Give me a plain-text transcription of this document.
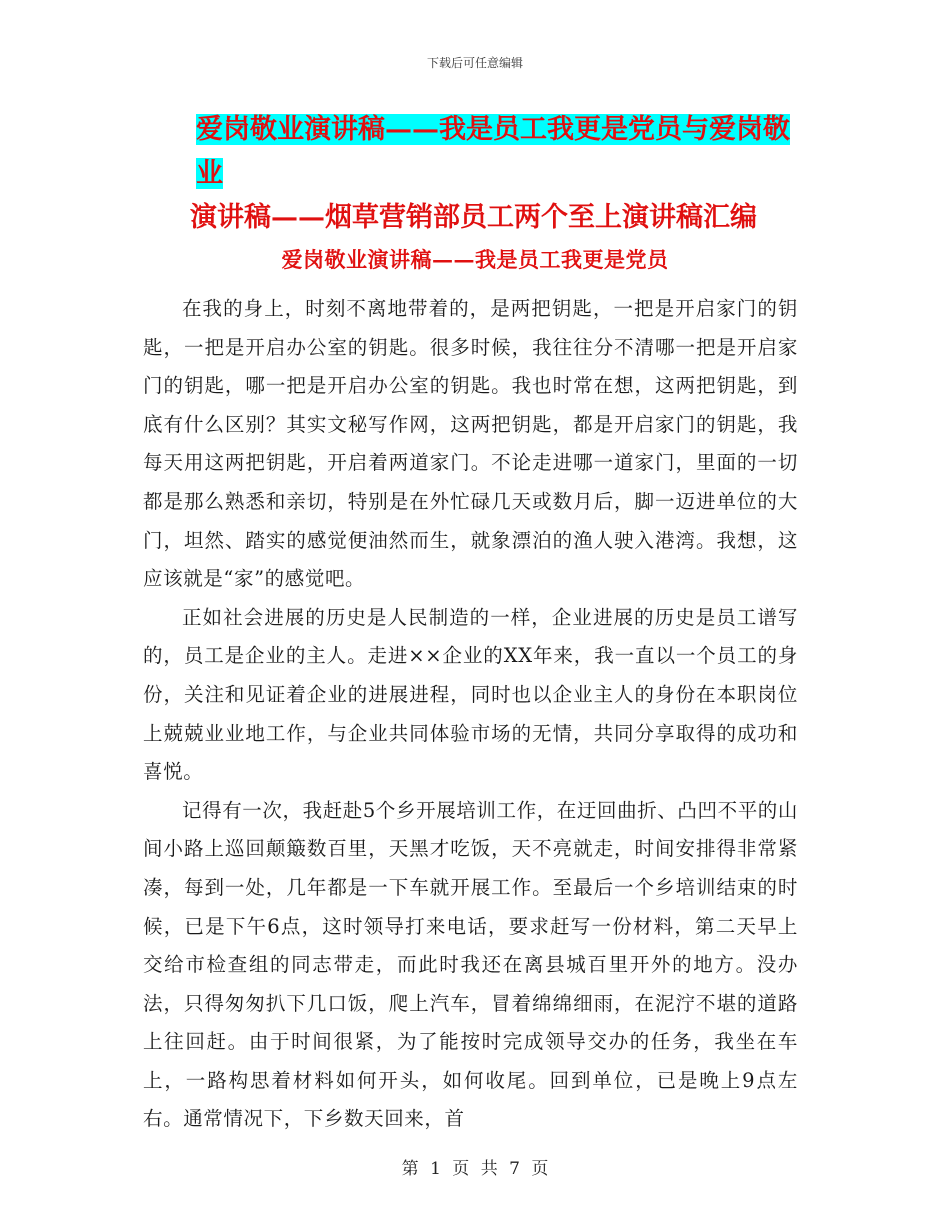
下载后可任意编辑
爱岗敬业演讲稿——我是员工我更是党员与爱岗敬业
演讲稿——烟草营销部员工两个至上演讲稿汇编
爱岗敬业演讲稿——我是员工我更是党员

在我的身上，时刻不离地带着的，是两把钥匙，一把是开启家门的钥匙，一把是开启办公室的钥匙。很多时候，我往往分不清哪一把是开启家门的钥匙，哪一把是开启办公室的钥匙。我也时常在想，这两把钥匙，到底有什么区别？其实文秘写作网，这两把钥匙，都是开启家门的钥匙，我每天用这两把钥匙，开启着两道家门。不论走进哪一道家门，里面的一切都是那么熟悉和亲切，特别是在外忙碌几天或数月后，脚一迈进单位的大门，坦然、踏实的感觉便油然而生，就象漂泊的渔人驶入港湾。我想，这应该就是“家”的感觉吧。

正如社会进展的历史是人民制造的一样，企业进展的历史是员工谱写的，员工是企业的主人。走进××企业的XX年来，我一直以一个员工的身份，关注和见证着企业的进展进程，同时也以企业主人的身份在本职岗位上兢兢业业地工作，与企业共同体验市场的无情，共同分享取得的成功和喜悦。

记得有一次，我赶赴5个乡开展培训工作，在迂回曲折、凸凹不平的山间小路上巡回颠簸数百里，天黑才吃饭，天不亮就走，时间安排得非常紧凑，每到一处，几年都是一下车就开展工作。至最后一个乡培训结束的时候，已是下午6点，这时领导打来电话，要求赶写一份材料，第二天早上交给市检查组的同志带走，而此时我还在离县城百里开外的地方。没办法，只得匆匆扒下几口饭，爬上汽车，冒着绵绵细雨，在泥泞不堪的道路上往回赶。由于时间很紧，为了能按时完成领导交办的任务，我坐在车上，一路构思着材料如何开头，如何收尾。回到单位，已是晚上9点左右。通常情况下，下乡数天回来，首

第 1 页 共 7 页
